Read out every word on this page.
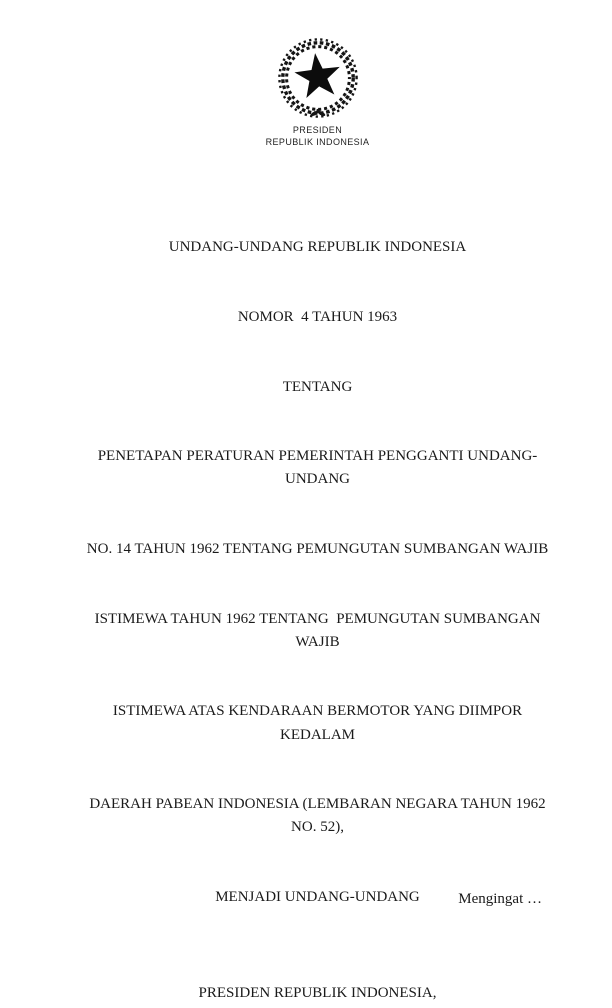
PRESIDEN
REPUBLIK INDONESIA

UNDANG-UNDANG REPUBLIK INDONESIA

NOMOR  4 TAHUN 1963

TENTANG

PENETAPAN PERATURAN PEMERINTAH PENGGANTI UNDANG-UNDANG

NO. 14 TAHUN 1962 TENTANG PEMUNGUTAN SUMBANGAN WAJIB

ISTIMEWA TAHUN 1962 TENTANG  PEMUNGUTAN SUMBANGAN WAJIB

ISTIMEWA ATAS KENDARAAN BERMOTOR YANG DIIMPOR KEDALAM

DAERAH PABEAN INDONESIA (LEMBARAN NEGARA TAHUN 1962 NO. 52),

MENJADI UNDANG-UNDANG

PRESIDEN REPUBLIK INDONESIA,
Mengingat …
